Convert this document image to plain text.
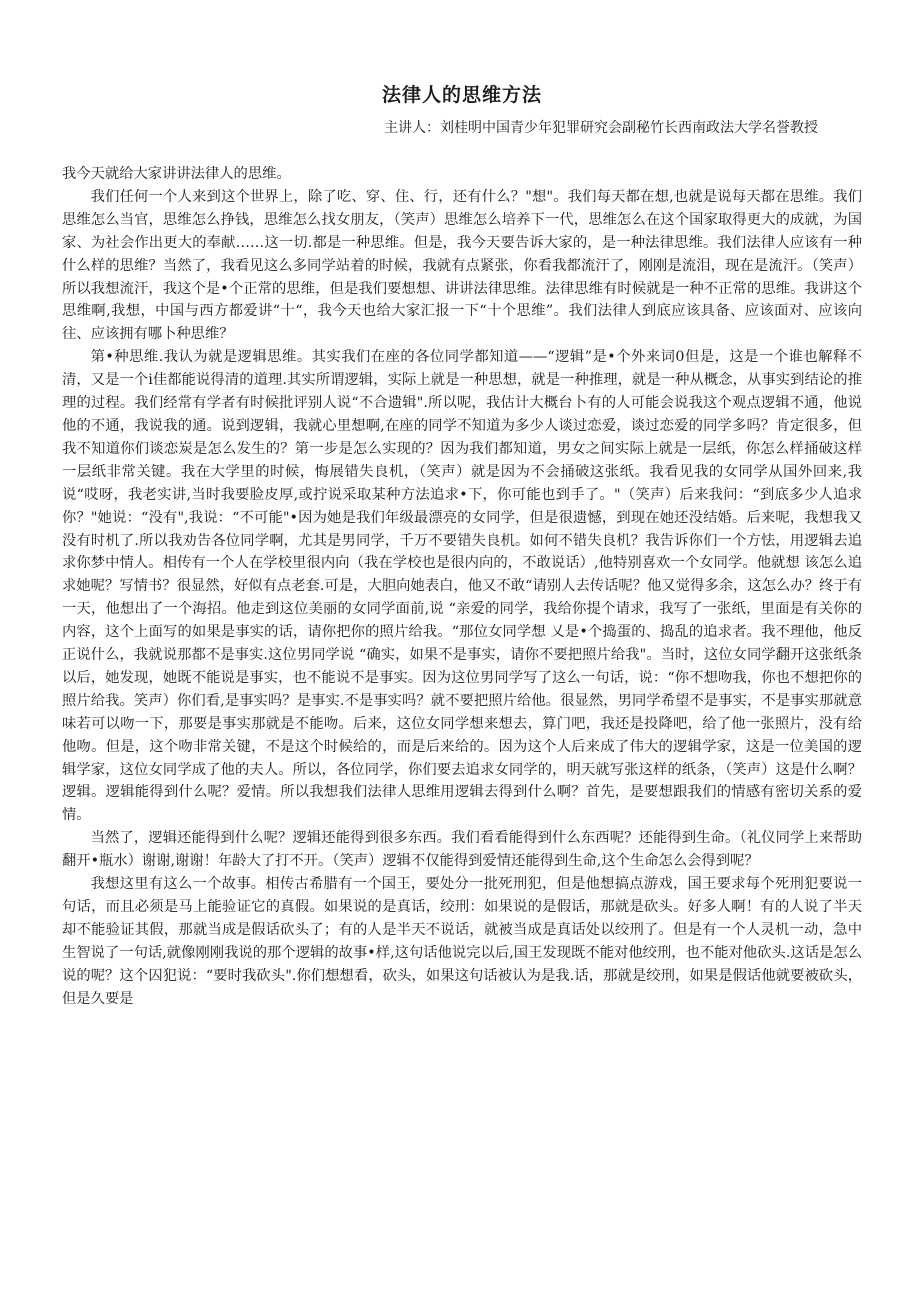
法律人的思维方法
主讲人：刘桂明中国青少年犯罪研究会副秘竹长西南政法大学名誉教授

我今天就给大家讲讲法律人的思维。

我们任何一个人来到这个世界上，除了吃、穿、住、行，还有什么？"想"。我们每天都在想,也就是说每天都在思维。我们思维怎么当官，思维怎么挣钱，思维怎么找女朋友，（笑声）思维怎么培养下一代，思维怎么在这个国家取得更大的成就，为国家、为社会作出更大的奉献……这一切.都是一种思维。但是，我今天要告诉大家的，是一种法律思维。我们法律人应该有一种什么样的思维？当然了，我看见这么多同学站着的时候，我就有点紧张，你看我都流汗了，刚刚是流泪，现在是流汗。（笑声）所以我想流汗，我这个是•个正常的思维，但是我们要想想、讲讲法律思维。法律思维有时候就是一种不正常的思维。我讲这个思维啊,我想，中国与西方都爱讲“十“，我今天也给大家汇报一下“十个思维”。我们法律人到底应该具备、应该面对、应该向往、应该拥有哪卜种思维？

第•种思维.我认为就是逻辑思维。其实我们在座的各位同学都知道——“逻辑”是•个外来词0但是，这是一个谁也解释不清，又是一个i佳都能说得清的道理.其实所谓逻辑，实际上就是一种思想，就是一种推理，就是一种从概念，从事实到结论的推理的过程。我们经常有学者有时候批评别人说“不合遗辑".所以呢，我估计大概台卜有的人可能会说我这个观点逻辑不通，他说他的不通，我说我的通。说到逻辑，我就心里想啊,在座的同学不知道为多少人谈过恋爱，谈过恋爱的同学多吗？肯定很多，但我不知道你们谈恋炭是怎么发生的？第一步是怎么实现的？因为我们都知道，男女之间实际上就是一层纸，你怎么样捅破这样一层纸非常关键。我在大学里的时候，悔展错失良机，（笑声）就是因为不会捅破这张纸。我看见我的女同学从国外回来,我说“哎呀，我老实讲,当时我要脸皮厚,或拧说采取某种方法追求•下，你可能也到手了。"（笑声）后来我问：“到底多少人追求你？"她说：“没有",我说：“不可能"•因为她是我们年级最漂亮的女同学，但是很遗憾，到现在她还没结婚。后来呢，我想我又没有时机了.所以我劝告各位同学啊，尤其是男同学，千万不要错失良机。如何不错失良机？我告诉你们一个方怯，用逻辑去追求你梦中情人。相传有一个人在学校里很内向（我在学校也是很内向的，不敢说话）,他特别喜欢一个女同学。他就想 该怎么追求她呢？写情书？很显然，好似有点老套.可是，大胆向她表白，他又不敢“请别人去传话呢？他又觉得多余，这怎么办？终于有一天，他想出了一个海招。他走到这位美丽的女同学面前,说 “亲爱的同学，我给你提个请求，我写了一张纸，里面是有关你的内容，这个上面写的如果是事实的话，请你把你的照片给我。“那位女同学想 乂是•个捣蛋的、捣乱的追求者。我不理他，他反正说什么，我就说那都不是事实.这位男同学说 “确实，如果不是事实，请你不要把照片给我"。当时，这位女同学翻开这张纸条以后，她发现，她既不能说是事实，也不能说不是事实。因为这位男同学写了这么一句话，说：“你不想吻我，你也不想把你的照片给我。笑声）你们看,是事实吗？是事实.不是事实吗？就不要把照片给他。很显然，男同学希望不是事实，不是事实那就意味若可以吻一下，那要是事实那就是不能吻。后来，这位女同学想来想去，算门吧，我还是投降吧，给了他一张照片，没有给他吻。但是，这个吻非常关键，不是这个时候给的，而是后来给的。因为这个人后来成了伟大的逻辑学家，这是一位美国的逻辑学家，这位女同学成了他的夫人。所以，各位同学，你们要去追求女同学的，明天就写张这样的纸条，（笑声）这是什么啊？逻辑。逻辑能得到什么呢？爱情。所以我想我们法律人思维用逻辑去得到什么啊？首先，是要想跟我们的情感有密切关系的爱情。

当然了，逻辑还能得到什么呢？逻辑还能得到很多东西。我们看看能得到什么东西呢？还能得到生命。（礼仪同学上来帮助翻开•瓶水）谢谢,谢谢！年龄大了打不开。（笑声）逻辑不仅能得到爱情还能得到生命,这个生命怎么会得到呢？

我想这里有这么一个故事。相传古希腊有一个国王，要处分一批死刑犯，但是他想搞点游戏，国王要求每个死刑犯要说一句话，而且必须是马上能验证它的真假。如果说的是真话，绞刑：如果说的是假话，那就是砍头。好多人啊！有的人说了半天却不能验证其假，那就当成是假话砍头了；有的人是半天不说话，就被当成是真话处以绞刑了。但是有一个人灵机一动，急中生智说了一句话,就像刚刚我说的那个逻辑的故事•样,这句话他说完以后,国王发现既不能对他绞刑，也不能对他砍头.这话是怎么说的呢？这个囚犯说：“要时我砍头".你们想想看，砍头，如果这句话被认为是我.话，那就是绞刑，如果是假话他就要被砍头，但是久要是
